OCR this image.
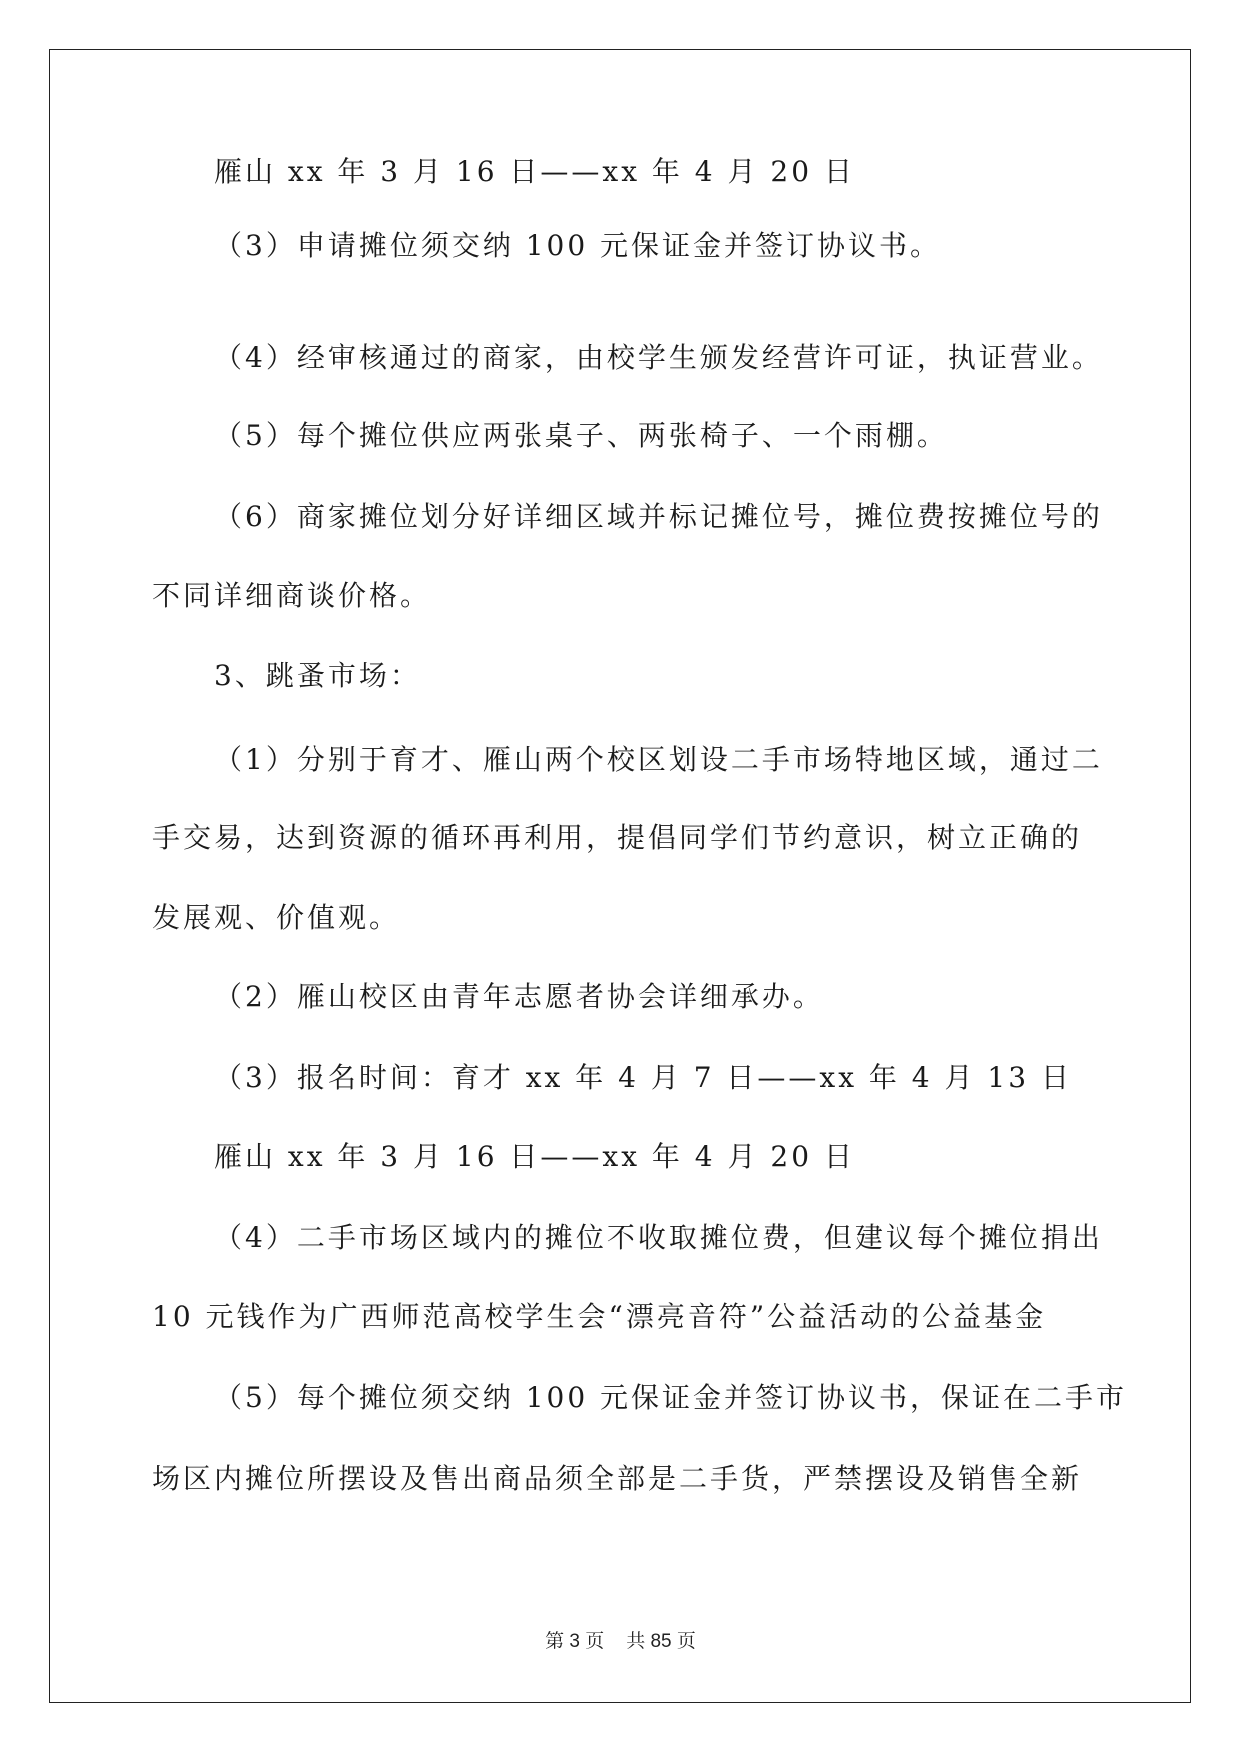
雁山 xx 年 3 月 16 日——xx 年 4 月 20 日
（3）申请摊位须交纳 100 元保证金并签订协议书。
（4）经审核通过的商家，由校学生颁发经营许可证，执证营业。
（5）每个摊位供应两张桌子、两张椅子、一个雨棚。
（6）商家摊位划分好详细区域并标记摊位号，摊位费按摊位号的
不同详细商谈价格。
3、跳蚤市场：
（1）分别于育才、雁山两个校区划设二手市场特地区域，通过二
手交易，达到资源的循环再利用，提倡同学们节约意识，树立正确的
发展观、价值观。
（2）雁山校区由青年志愿者协会详细承办。
（3）报名时间：育才 xx 年 4 月 7 日——xx 年 4 月 13 日
雁山 xx 年 3 月 16 日——xx 年 4 月 20 日
（4）二手市场区域内的摊位不收取摊位费，但建议每个摊位捐出
10 元钱作为广西师范高校学生会“漂亮音符”公益活动的公益基金
（5）每个摊位须交纳 100 元保证金并签订协议书，保证在二手市
场区内摊位所摆设及售出商品须全部是二手货，严禁摆设及销售全新
第 3 页 共 85 页
